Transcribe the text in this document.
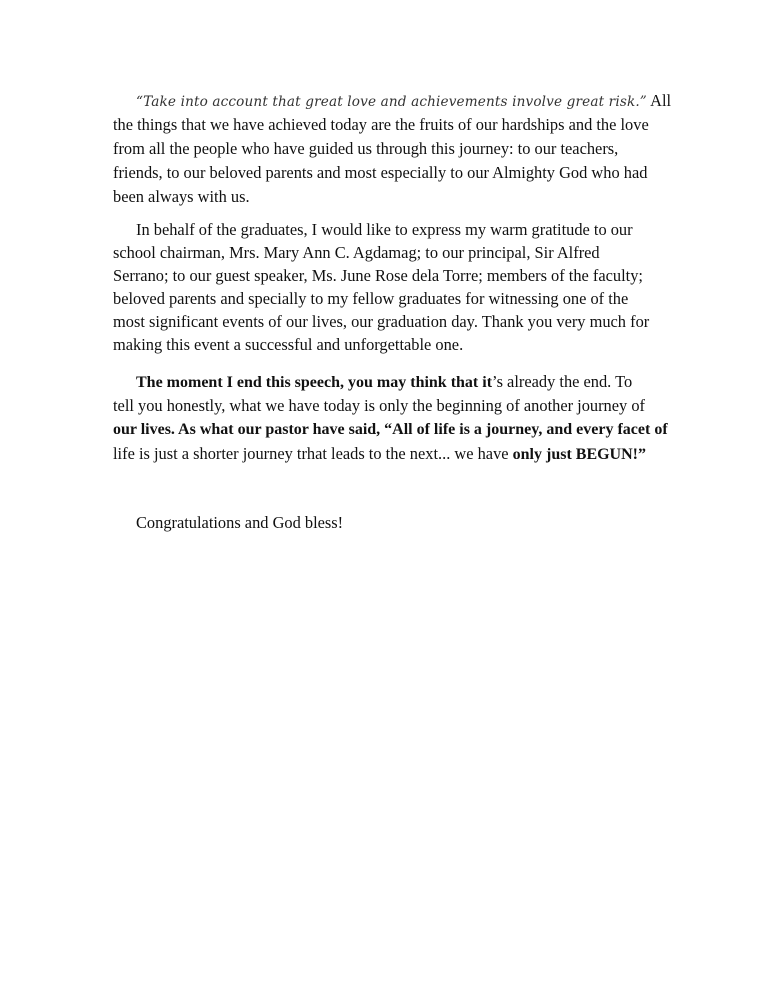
“Take into account that great love and achievements involve great risk.” All
the things that we have achieved today are the fruits of our hardships and the love
from all the people who have guided us through this journey: to our teachers,
friends, to our beloved parents and most especially to our Almighty God who had
been always with us.
In behalf of the graduates, I would like to express my warm gratitude to our
school chairman, Mrs. Mary Ann C. Agdamag; to our principal, Sir Alfred
Serrano; to our guest speaker, Ms. June Rose dela Torre; members of the faculty;
beloved parents and specially to my fellow graduates for witnessing one of the
most significant events of our lives, our graduation day. Thank you very much for
making this event a successful and unforgettable one.
The moment I end this speech, you may think that it’s already the end. To
tell you honestly, what we have today is only the beginning of another journey of
our lives. As what our pastor have said, “All of life is a journey, and every facet of
life is just a shorter journey trhat leads to the next... we have only just BEGUN!”
Congratulations and God bless!
